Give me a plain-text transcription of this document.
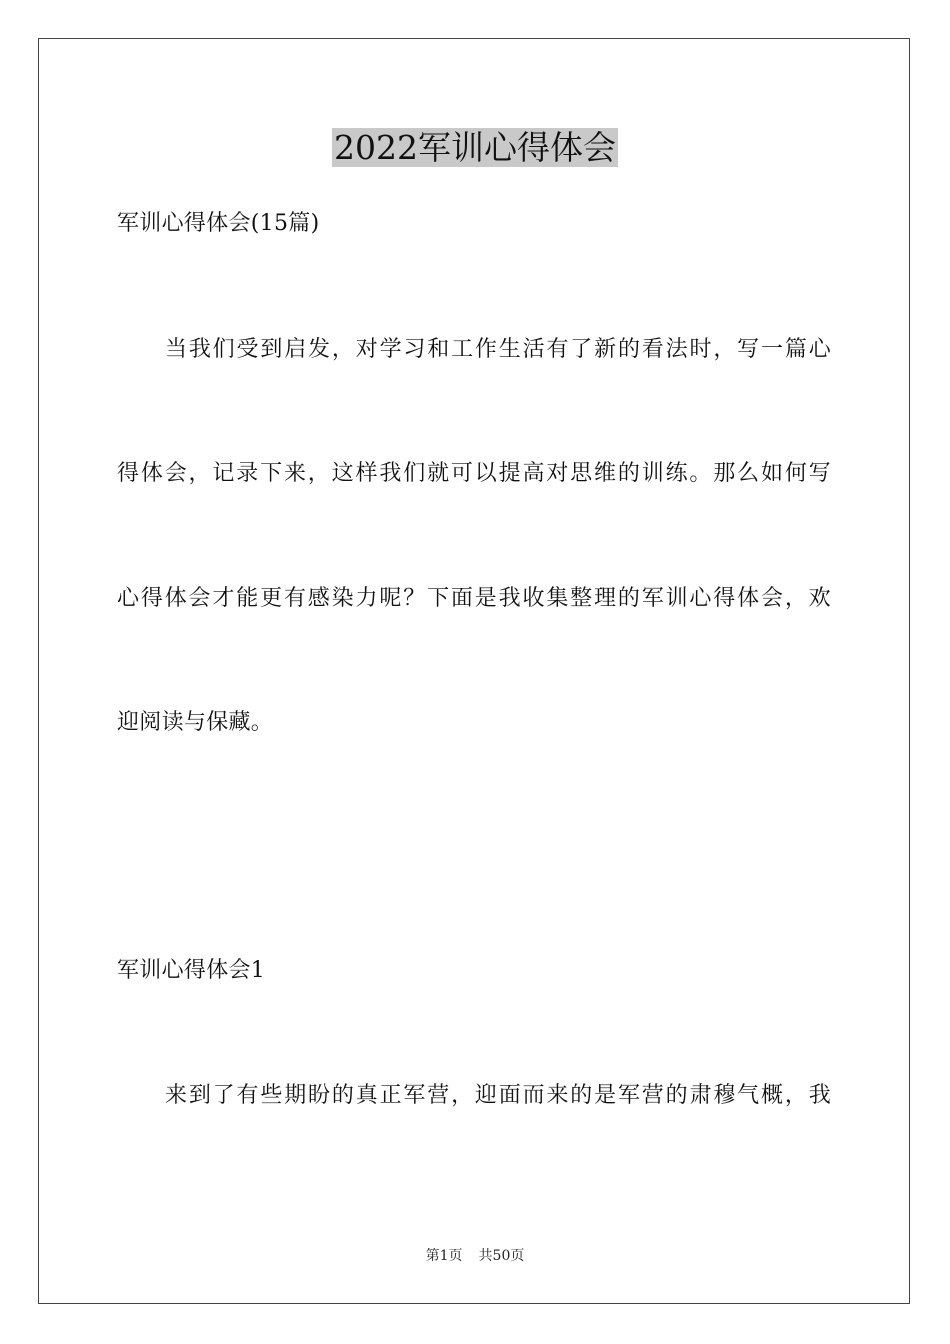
2022军训心得体会
军训心得体会(15篇)
当我们受到启发，对学习和工作生活有了新的看法时，写一篇心
得体会，记录下来，这样我们就可以提高对思维的训练。那么如何写
心得体会才能更有感染力呢？下面是我收集整理的军训心得体会，欢
迎阅读与保藏。
军训心得体会1
来到了有些期盼的真正军营，迎面而来的是军营的肃穆气概，我
第1页 共50页
